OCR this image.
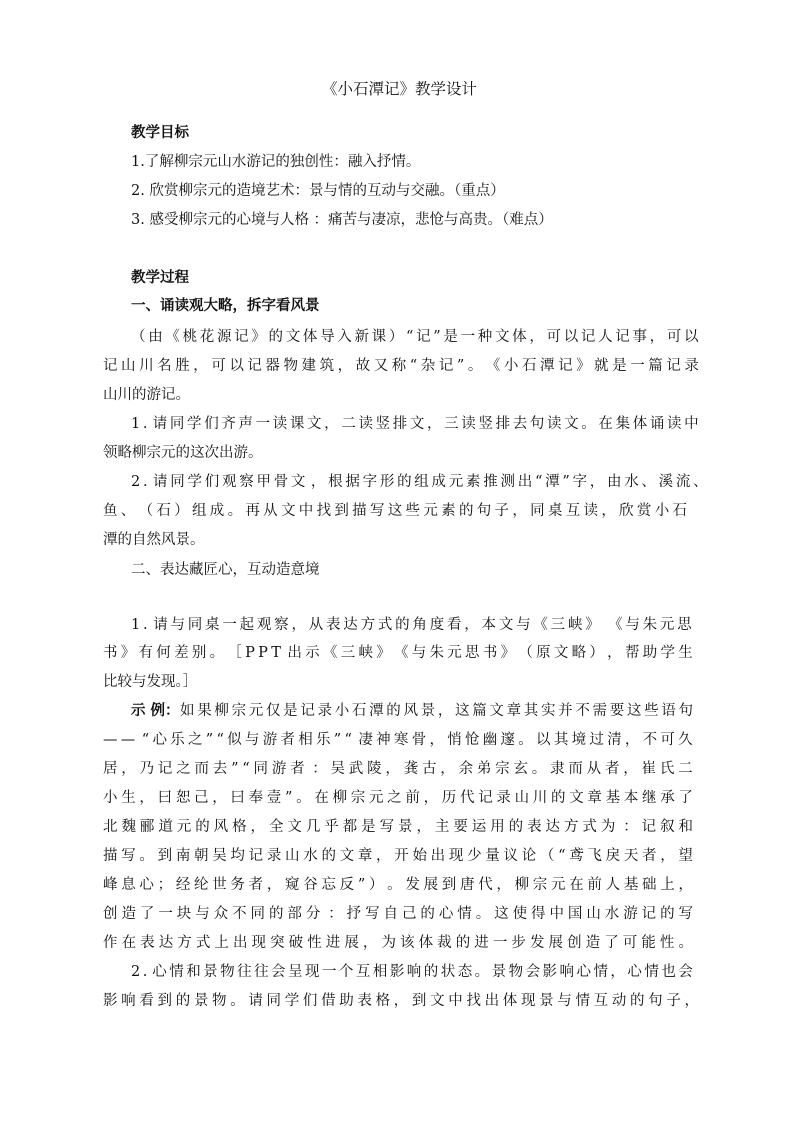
《小石潭记》教学设计
教学目标
1.了解柳宗元山水游记的独创性：融入抒情。
2. 欣赏柳宗元的造境艺术：景与情的互动与交融。（重点）
3. 感受柳宗元的心境与人格 ：痛苦与凄凉，悲怆与高贵。（难点）
教学过程
一、诵读观大略，拆字看风景
（ 由 《 桃 花 源 记 》 的 文 体 导 入 新 课 ） “ 记 ” 是 一 种 文 体 ， 可 以 记 人 记 事 ， 可 以
记 山 川 名 胜 ， 可 以 记 器 物 建 筑 ， 故 又 称 “ 杂 记 ” 。 《 小 石 潭 记 》 就 是 一 篇 记 录
山川的游记。
1 . 请 同 学 们 齐 声 一 读 课 文 ， 二 读 竖 排 文 ， 三 读 竖 排 去 句 读 文 。 在 集 体 诵 读 中
领略柳宗元的这次出游。
2 . 请 同 学 们 观 察 甲 骨 文 ， 根 据 字 形 的 组 成 元 素 推 测 出 “ 潭 ” 字 ， 由 水 、 溪 流 、
鱼 、 （ 石 ） 组 成 。 再 从 文 中 找 到 描 写 这 些 元 素 的 句 子 ， 同 桌 互 读 ， 欣 赏 小 石
潭的自然风景。
二、表达藏匠心，互动造意境
1 . 请 与 同 桌 一 起 观 察 ， 从 表 达 方 式 的 角 度 看 ， 本 文 与 《 三 峡 》 《 与 朱 元 思
书 》 有 何 差 别 。 ［ P P T 出 示 《 三 峡 》 《 与 朱 元 思 书 》 （ 原 文 略 ） ， 帮 助 学 生
比较与发现。］
示 例： 如 果 柳 宗 元 仅 是 记 录 小 石 潭 的 风 景 ， 这 篇 文 章 其 实 并 不 需 要 这 些 语 句
— — “ 心 乐 之 ” “ 似 与 游 者 相 乐 ” “ 凄 神 寒 骨 ， 悄 怆 幽 邃 。 以 其 境 过 清 ， 不 可 久
居 ， 乃 记 之 而 去 ” “ 同 游 者 ： 吴 武 陵 ， 龚 古 ， 余 弟 宗 玄 。 隶 而 从 者 ， 崔 氏 二
小 生 ， 曰 恕 己 ， 曰 奉 壹 ” 。 在 柳 宗 元 之 前 ， 历 代 记 录 山 川 的 文 章 基 本 继 承 了
北 魏 郦 道 元 的 风 格 ， 全 文 几 乎 都 是 写 景 ， 主 要 运 用 的 表 达 方 式 为 ： 记 叙 和
描 写 。 到 南 朝 吴 均 记 录 山 水 的 文 章 ， 开 始 出 现 少 量 议 论 （ “ 鸢 飞 戾 天 者 ， 望
峰 息 心 ； 经 纶 世 务 者 ， 窥 谷 忘 反 ” ） 。 发 展 到 唐 代 ， 柳 宗 元 在 前 人 基 础 上 ，
创 造 了 一 块 与 众 不 同 的 部 分 ： 抒 写 自 己 的 心 情 。 这 使 得 中 国 山 水 游 记 的 写
作 在 表 达 方 式 上 出 现 突 破 性 进 展 ， 为 该 体 裁 的 进 一 步 发 展 创 造 了 可 能 性 。
2 . 心 情 和 景 物 往 往 会 呈 现 一 个 互 相 影 响 的 状 态 。 景 物 会 影 响 心 情 ， 心 情 也 会
影 响 看 到 的 景 物 。 请 同 学 们 借 助 表 格 ， 到 文 中 找 出 体 现 景 与 情 互 动 的 句 子 ，
